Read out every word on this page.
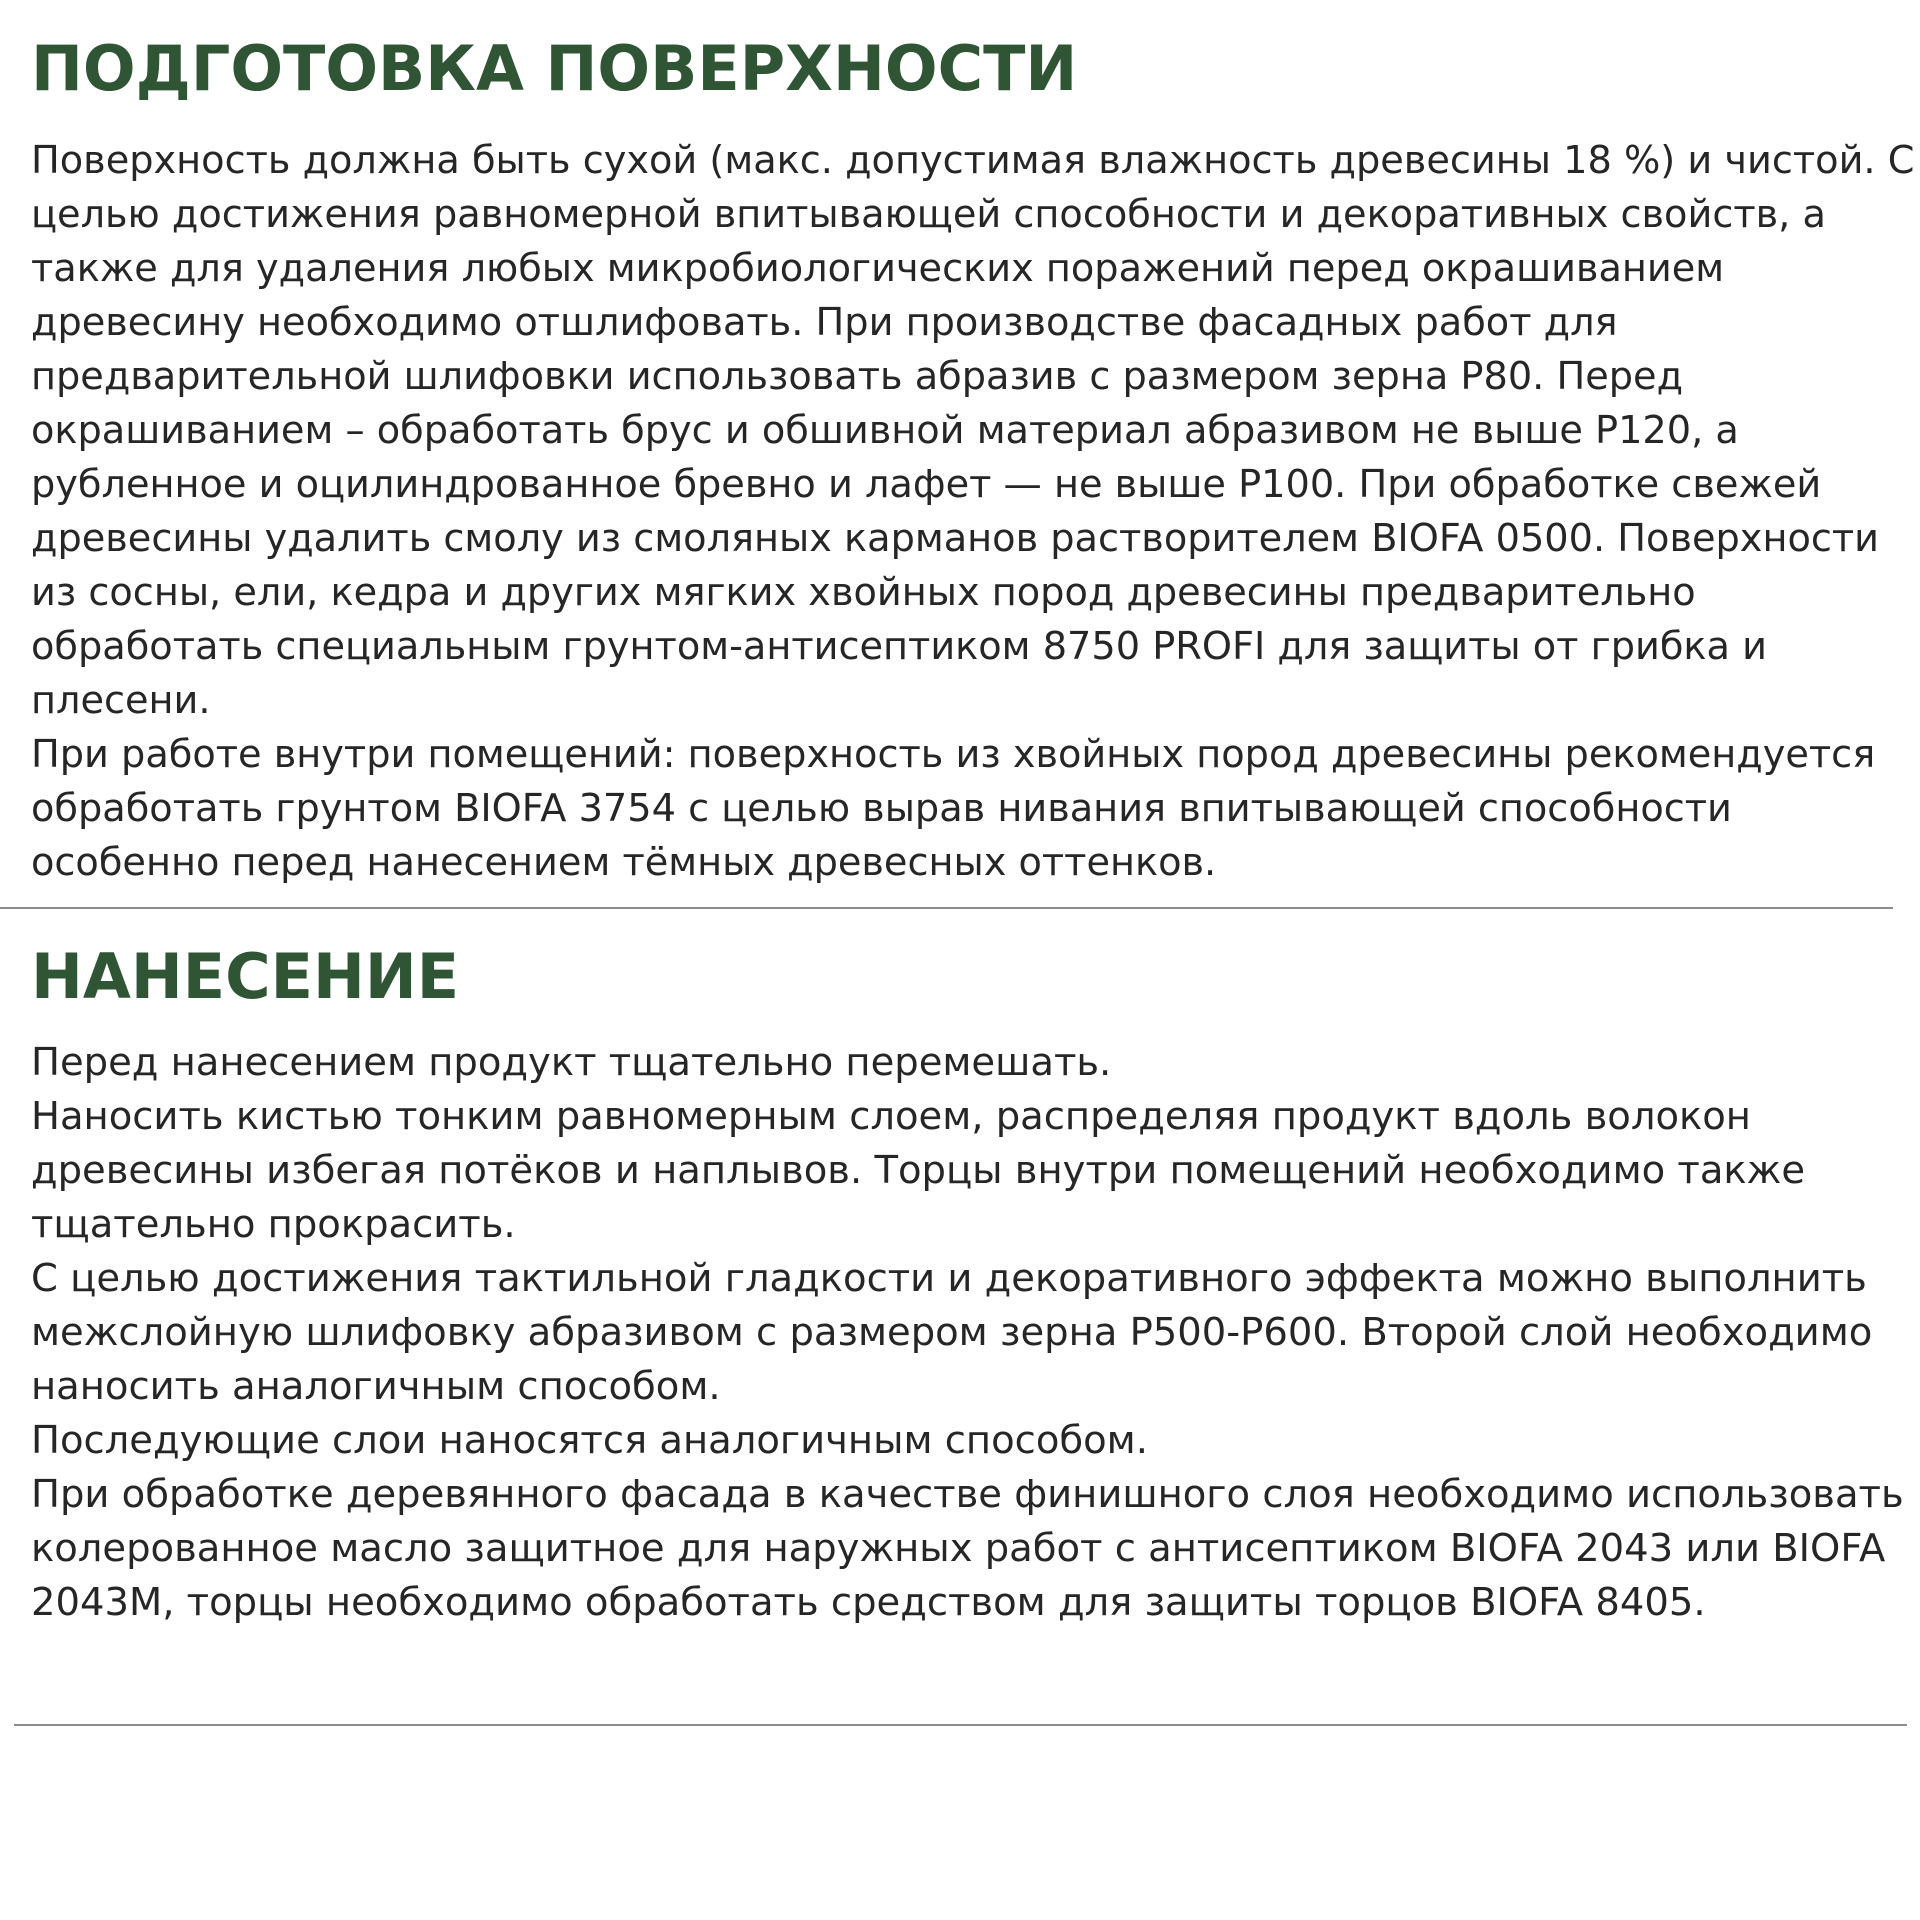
ПОДГОТОВКА ПОВЕРХНОСТИ
Поверхность должна быть сухой (макс. допустимая влажность древесины 18 %) и чистой. С
целью достижения равномерной впитывающей способности и декоративных свойств, а
также для удаления любых микробиологических поражений перед окрашиванием
древесину необходимо отшлифовать. При производстве фасадных работ для
предварительной шлифовки использовать абразив с размером зерна Р80. Перед
окрашиванием – обработать брус и обшивной материал абразивом не выше Р120, а
рубленное и оцилиндрованное бревно и лафет — не выше Р100. При обработке свежей
древесины удалить смолу из смоляных карманов растворителем BIOFA 0500. Поверхности
из сосны, ели, кедра и других мягких хвойных пород древесины предварительно
обработать специальным грунтом-антисептиком 8750 PROFI для защиты от грибка и
плесени.
При работе внутри помещений: поверхность из хвойных пород древесины рекомендуется
обработать грунтом BIOFA 3754 с целью вырав нивания впитывающей способности
особенно перед нанесением тёмных древесных оттенков.
НАНЕСЕНИЕ
Перед нанесением продукт тщательно перемешать.
Наносить кистью тонким равномерным слоем, распределяя продукт вдоль волокон
древесины избегая потёков и наплывов. Торцы внутри помещений необходимо также
тщательно прокрасить.
С целью достижения тактильной гладкости и декоративного эффекта можно выполнить
межслойную шлифовку абразивом с размером зерна Р500-Р600. Второй слой необходимо
наносить аналогичным способом.
Последующие слои наносятся аналогичным способом.
При обработке деревянного фасада в качестве финишного слоя необходимо использовать
колерованное масло защитное для наружных работ с антисептиком BIOFA 2043 или BIOFA
2043M, торцы необходимо обработать средством для защиты торцов BIOFA 8405.
